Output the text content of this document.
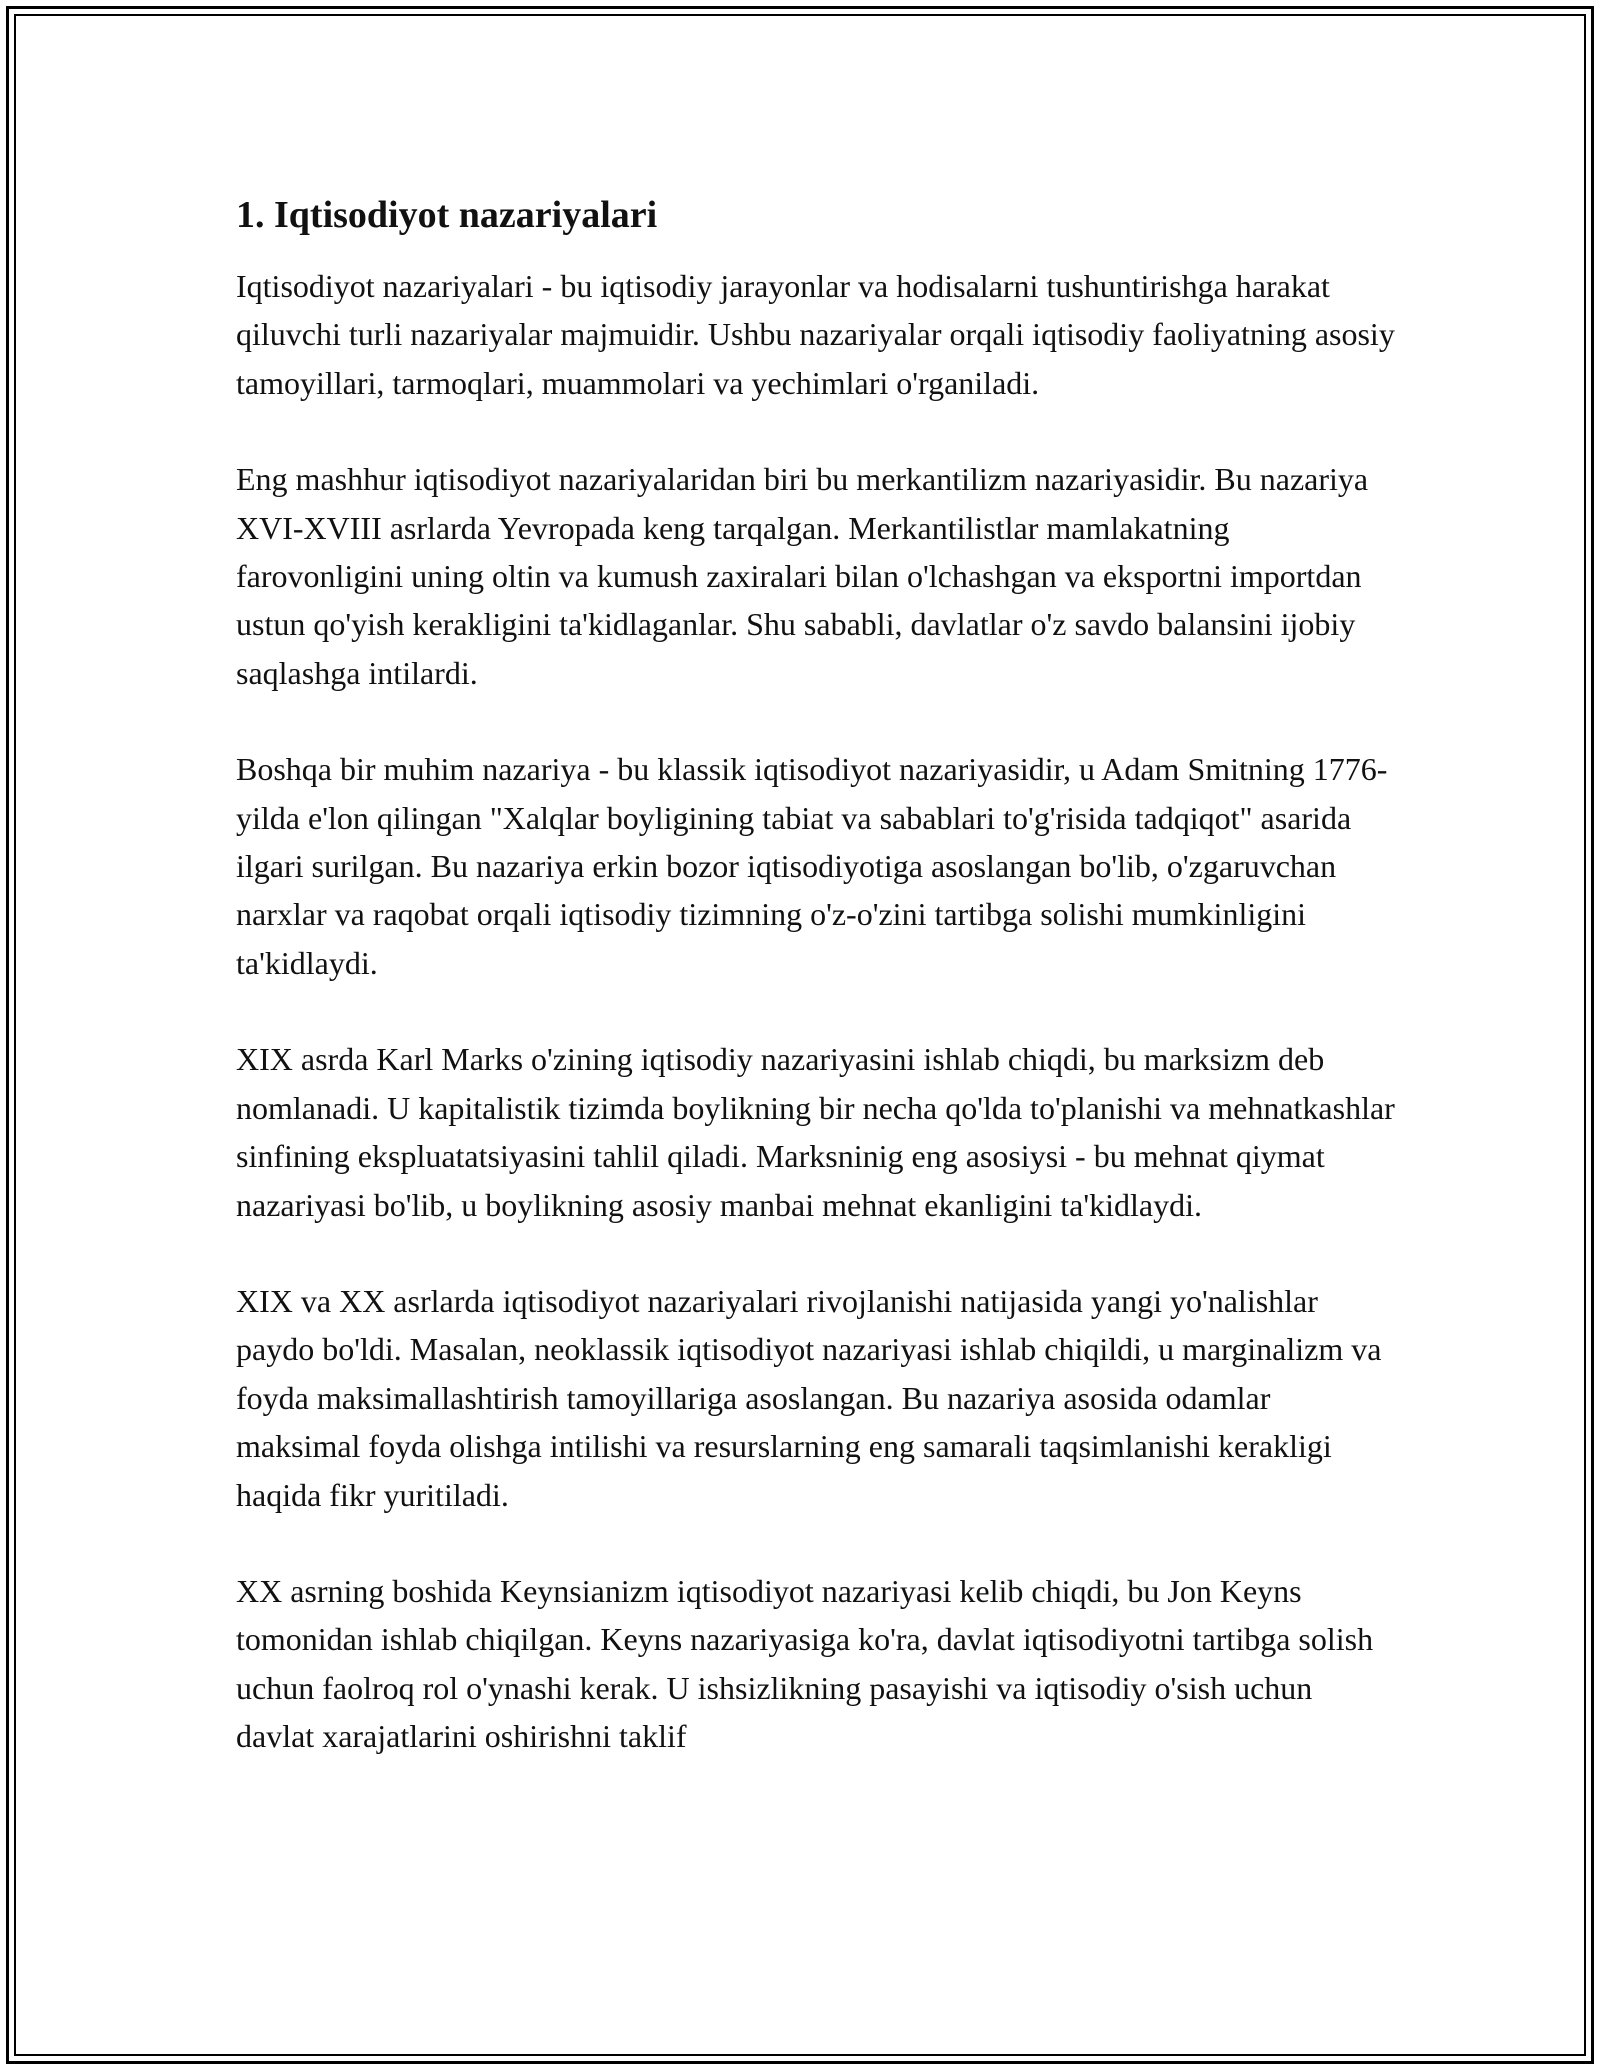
1. Iqtisodiyot nazariyalari

Iqtisodiyot nazariyalari - bu iqtisodiy jarayonlar va hodisalarni tushuntirishga harakat qiluvchi turli nazariyalar majmuidir. Ushbu nazariyalar orqali iqtisodiy faoliyatning asosiy tamoyillari, tarmoqlari, muammolari va yechimlari o'rganiladi.

Eng mashhur iqtisodiyot nazariyalaridan biri bu merkantilizm nazariyasidir. Bu nazariya XVI-XVIII asrlarda Yevropada keng tarqalgan. Merkantilistlar mamlakatning farovonligini uning oltin va kumush zaxiralari bilan o'lchashgan va eksportni importdan ustun qo'yish kerakligini ta'kidlaganlar. Shu sababli, davlatlar o'z savdo balansini ijobiy saqlashga intilardi.

Boshqa bir muhim nazariya - bu klassik iqtisodiyot nazariyasidir, u Adam Smitning 1776-yilda e'lon qilingan "Xalqlar boyligining tabiat va sabablari to'g'risida tadqiqot" asarida ilgari surilgan. Bu nazariya erkin bozor iqtisodiyotiga asoslangan bo'lib, o'zgaruvchan narxlar va raqobat orqali iqtisodiy tizimning o'z-o'zini tartibga solishi mumkinligini ta'kidlaydi.

XIX asrda Karl Marks o'zining iqtisodiy nazariyasini ishlab chiqdi, bu marksizm deb nomlanadi. U kapitalistik tizimda boylikning bir necha qo'lda to'planishi va mehnatkashlar sinfining ekspluatatsiyasini tahlil qiladi. Marksninig eng asosiysi - bu mehnat qiymat nazariyasi bo'lib, u boylikning asosiy manbai mehnat ekanligini ta'kidlaydi.

XIX va XX asrlarda iqtisodiyot nazariyalari rivojlanishi natijasida yangi yo'nalishlar paydo bo'ldi. Masalan, neoklassik iqtisodiyot nazariyasi ishlab chiqildi, u marginalizm va foyda maksimallashtirish tamoyillariga asoslangan. Bu nazariya asosida odamlar maksimal foyda olishga intilishi va resurslarning eng samarali taqsimlanishi kerakligi haqida fikr yuritiladi.

XX asrning boshida Keynsianizm iqtisodiyot nazariyasi kelib chiqdi, bu Jon Keyns tomonidan ishlab chiqilgan. Keyns nazariyasiga ko'ra, davlat iqtisodiyotni tartibga solish uchun faolroq rol o'ynashi kerak. U ishsizlikning pasayishi va iqtisodiy o'sish uchun davlat xarajatlarini oshirishni taklif
